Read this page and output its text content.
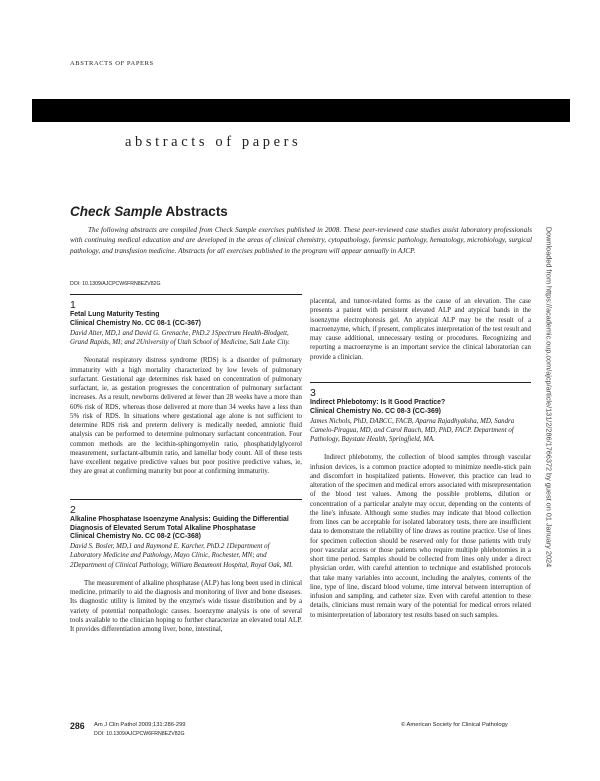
ABSTRACTS OF PAPERS
abstracts of papers
Check Sample Abstracts
The following abstracts are compiled from Check Sample exercises published in 2008. These peer-reviewed case studies assist laboratory professionals with continuing medical education and are developed in the areas of clinical chemistry, cytopathology, forensic pathology, hematology, microbiology, surgical pathology, and transfusion medicine. Abstracts for all exercises published in the program will appear annually in AJCP.
DOI: 10.1309/AJCPCW6FRN8EZV82G
1
Fetal Lung Maturity Testing
Clinical Chemistry No. CC 08-1 (CC-367)
David Alter, MD,1 and David G. Grenache, PhD.2 1Spectrum Health-Blodgett, Grand Rapids, MI; and 2University of Utah School of Medicine, Salt Lake City.

Neonatal respiratory distress syndrome (RDS) is a disorder of pulmonary immaturity with a high mortality characterized by low levels of pulmonary surfactant. Gestational age determines risk based on concentration of pulmonary surfactant, ie, as gestation progresses the concentration of pulmonary surfactant increases. As a result, newborns delivered at fewer than 28 weeks have a more than 60% risk of RDS, whereas those delivered at more than 34 weeks have a less than 5% risk of RDS. In situations where gestational age alone is not sufficient to determine RDS risk and preterm delivery is medically needed, amniotic fluid analysis can be performed to determine pulmonary surfactant concentration. Four common methods are the lecithin-sphingomyelin ratio, phosphatidylglycerol measurement, surfactant-albumin ratio, and lamellar body count. All of these tests have excellent negative predictive values but poor positive predictive values, ie, they are great at confirming maturity but poor at confirming immaturity.

2
Alkaline Phosphatase Isoenzyme Analysis: Guiding the Differential Diagnosis of Elevated Serum Total Alkaline Phosphatase
Clinical Chemistry No. CC 08-2 (CC-368)
David S. Bosler, MD,1 and Raymond E. Karcher, PhD.2 1Department of Laboratory Medicine and Pathology, Mayo Clinic, Rochester, MN; and 2Department of Clinical Pathology, William Beaumont Hospital, Royal Oak, MI.

The measurement of alkaline phosphatase (ALP) has long been used in clinical medicine, primarily to aid the diagnosis and monitoring of liver and bone diseases. Its diagnostic utility is limited by the enzyme's wide tissue distribution and by a variety of potential nonpathologic causes. Isoenzyme analysis is one of several tools available to the clinician hoping to further characterize an elevated total ALP. It provides differentiation among liver, bone, intestinal,

placental, and tumor-related forms as the cause of an elevation. The case presents a patient with persistent elevated ALP and atypical bands in the isoenzyme electrophoresis gel. An atypical ALP may be the result of a macroenzyme, which, if present, complicates interpretation of the test result and may cause additional, unnecessary testing or procedures. Recognizing and reporting a macroenzyme is an important service the clinical laboratorian can provide a clinician.

3
Indirect Phlebotomy: Is It Good Practice?
Clinical Chemistry No. CC 08-3 (CC-369)
James Nichols, PhD, DABCC, FACB, Aparna Rajadhyaksha, MD, Sandra Camelo-Piragua, MD, and Carol Rauch, MD, PhD, FACP. Department of Pathology, Baystate Health, Springfield, MA.

Indirect phlebotomy, the collection of blood samples through vascular infusion devices, is a common practice adopted to minimize needle-stick pain and discomfort in hospitalized patients. However, this practice can lead to alteration of the specimen and medical errors associated with misrepresentation of the blood test values. Among the possible problems, dilution or concentration of a particular analyte may occur, depending on the contents of the line's infusate. Although some studies may indicate that blood collection from lines can be acceptable for isolated laboratory tests, there are insufficient data to demonstrate the reliability of line draws as routine practice. Use of lines for specimen collection should be reserved only for those patients with truly poor vascular access or those patients who require multiple phlebotomies in a short time period. Samples should be collected from lines only under a direct physician order, with careful attention to technique and established protocols that take many variables into account, including the analytes, contents of the line, type of line, discard blood volume, time interval between interruption of infusion and sampling, and catheter size. Even with careful attention to these details, clinicians must remain wary of the potential for medical errors related to misinterpretation of laboratory test results based on such samples.

Downloaded from https://academic.oup.com/ajcp/article/131/2/286/1766372 by guest on 01 January 2024
286 Am J Clin Pathol 2009;131:286-299
DOI: 10.1309/AJCPCW6FRN8EZV82G
© American Society for Clinical Pathology
